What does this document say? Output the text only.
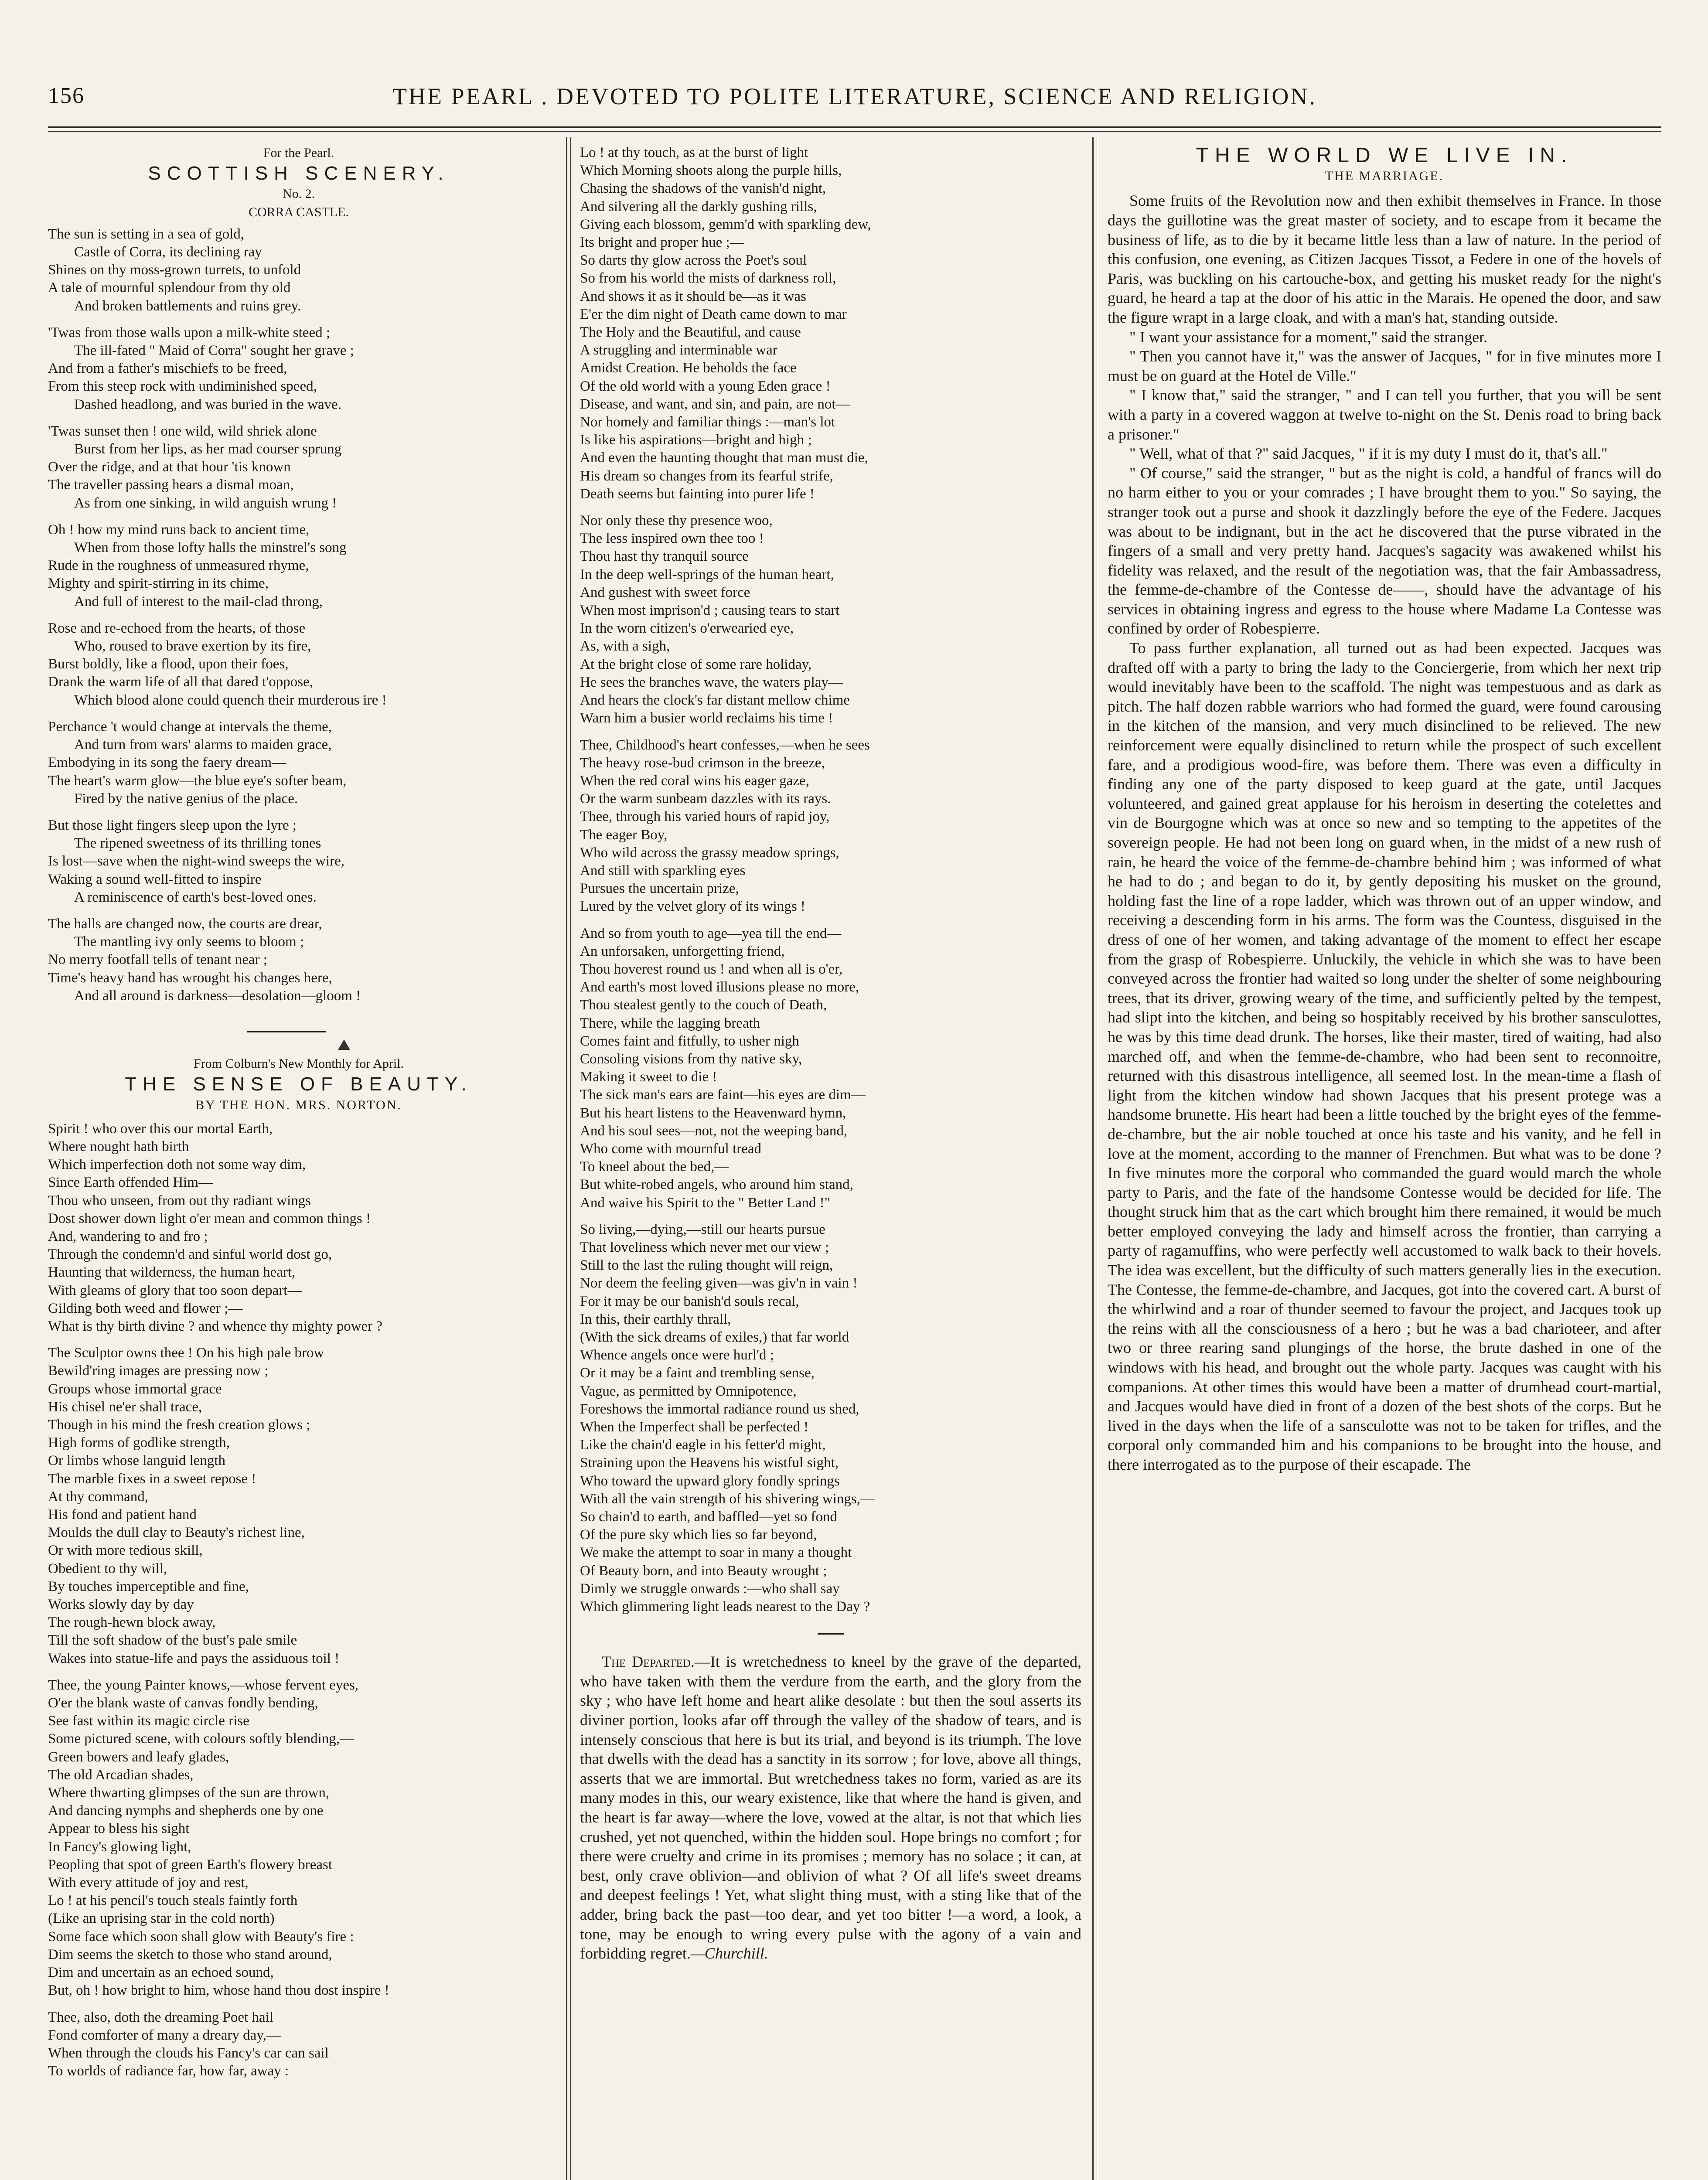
156	THE PEARL . DEVOTED TO POLITE LITERATURE, SCIENCE AND RELIGION.
For the Pearl.
SCOTTISH SCENERY.
No. 2.
CORRA CASTLE.
The sun is setting in a sea of gold,
Castle of Corra, its declining ray
Shines on thy moss-grown turrets, to unfold
A tale of mournful splendour from thy old
And broken battlements and ruins grey.
'Twas from those walls upon a milk-white steed ;
The ill-fated " Maid of Corra" sought her grave ;
And from a father's mischiefs to be freed,
From this steep rock with undiminished speed,
Dashed headlong, and was buried in the wave.
'Twas sunset then ! one wild, wild shriek alone
Burst from her lips, as her mad courser sprung
Over the ridge, and at that hour 'tis known
The traveller passing hears a dismal moan,
As from one sinking, in wild anguish wrung !
Oh ! how my mind runs back to ancient time,
When from those lofty halls the minstrel's song
Rude in the roughness of unmeasured rhyme,
Mighty and spirit-stirring in its chime,
And full of interest to the mail-clad throng,
Rose and re-echoed from the hearts, of those
Who, roused to brave exertion by its fire,
Burst boldly, like a flood, upon their foes,
Drank the warm life of all that dared t'oppose,
Which blood alone could quench their murderous ire !
Perchance 't would change at intervals the theme,
And turn from wars' alarms to maiden grace,
Embodying in its song the faery dream—
The heart's warm glow—the blue eye's softer beam,
Fired by the native genius of the place.
But those light fingers sleep upon the lyre ;
The ripened sweetness of its thrilling tones
Is lost—save when the night-wind sweeps the wire,
Waking a sound well-fitted to inspire
A reminiscence of earth's best-loved ones.
The halls are changed now, the courts are drear,
The mantling ivy only seems to bloom ;
No merry footfall tells of tenant near ;
Time's heavy hand has wrought his changes here,
And all around is darkness—desolation—gloom !

From Colburn's New Monthly for April.
THE SENSE OF BEAUTY.
BY THE HON. MRS. NORTON.
Spirit ! who over this our mortal Earth,
Where nought hath birth
Which imperfection doth not some way dim,
Since Earth offended Him—
Thou who unseen, from out thy radiant wings
Dost shower down light o'er mean and common things !
And, wandering to and fro ;
Through the condemn'd and sinful world dost go,
Haunting that wilderness, the human heart,
With gleams of glory that too soon depart—
Gilding both weed and flower ;—
What is thy birth divine ? and whence thy mighty power ?
The Sculptor owns thee ! On his high pale brow
Bewild'ring images are pressing now ;
Groups whose immortal grace
His chisel ne'er shall trace,
Though in his mind the fresh creation glows ;
High forms of godlike strength,
Or limbs whose languid length
The marble fixes in a sweet repose !
At thy command,
His fond and patient hand
Moulds the dull clay to Beauty's richest line,
Or with more tedious skill,
Obedient to thy will,
By touches imperceptible and fine,
Works slowly day by day
The rough-hewn block away,
Till the soft shadow of the bust's pale smile
Wakes into statue-life and pays the assiduous toil !
Thee, the young Painter knows,—whose fervent eyes,
O'er the blank waste of canvas fondly bending,
See fast within its magic circle rise
Some pictured scene, with colours softly blending,—
Green bowers and leafy glades,
The old Arcadian shades,
Where thwarting glimpses of the sun are thrown,
And dancing nymphs and shepherds one by one
Appear to bless his sight
In Fancy's glowing light,
Peopling that spot of green Earth's flowery breast
With every attitude of joy and rest,
Lo ! at his pencil's touch steals faintly forth
(Like an uprising star in the cold north)
Some face which soon shall glow with Beauty's fire :
Dim seems the sketch to those who stand around,
Dim and uncertain as an echoed sound,
But, oh ! how bright to him, whose hand thou dost inspire !
Thee, also, doth the dreaming Poet hail
Fond comforter of many a dreary day,—
When through the clouds his Fancy's car can sail
To worlds of radiance far, how far, away :
Lo ! at thy touch, as at the burst of light
Which Morning shoots along the purple hills,
Chasing the shadows of the vanish'd night,
And silvering all the darkly gushing rills,
Giving each blossom, gemm'd with sparkling dew,
Its bright and proper hue ;—
So darts thy glow across the Poet's soul
So from his world the mists of darkness roll,
And shows it as it should be—as it was
E'er the dim night of Death came down to mar
The Holy and the Beautiful, and cause
A struggling and interminable war
Amidst Creation. He beholds the face
Of the old world with a young Eden grace !
Disease, and want, and sin, and pain, are not—
Nor homely and familiar things :—man's lot
Is like his aspirations—bright and high ;
And even the haunting thought that man must die,
His dream so changes from its fearful strife,
Death seems but fainting into purer life !
Nor only these thy presence woo,
The less inspired own thee too !
Thou hast thy tranquil source
In the deep well-springs of the human heart,
And gushest with sweet force
When most imprison'd ; causing tears to start
In the worn citizen's o'erwearied eye,
As, with a sigh,
At the bright close of some rare holiday,
He sees the branches wave, the waters play—
And hears the clock's far distant mellow chime
Warn him a busier world reclaims his time !
Thee, Childhood's heart confesses,—when he sees
The heavy rose-bud crimson in the breeze,
When the red coral wins his eager gaze,
Or the warm sunbeam dazzles with its rays.
Thee, through his varied hours of rapid joy,
The eager Boy,
Who wild across the grassy meadow springs,
And still with sparkling eyes
Pursues the uncertain prize,
Lured by the velvet glory of its wings !
And so from youth to age—yea till the end—
An unforsaken, unforgetting friend,
Thou hoverest round us ! and when all is o'er,
And earth's most loved illusions please no more,
Thou stealest gently to the couch of Death,
There, while the lagging breath
Comes faint and fitfully, to usher nigh
Consoling visions from thy native sky,
Making it sweet to die !
The sick man's ears are faint—his eyes are dim—
But his heart listens to the Heavenward hymn,
And his soul sees—not, not the weeping band,
Who come with mournful tread
To kneel about the bed,—
But white-robed angels, who around him stand,
And waive his Spirit to the " Better Land !"
So living,—dying,—still our hearts pursue
That loveliness which never met our view ;
Still to the last the ruling thought will reign,
Nor deem the feeling given—was giv'n in vain !
For it may be our banish'd souls recal,
In this, their earthly thrall,
(With the sick dreams of exiles,) that far world
Whence angels once were hurl'd ;
Or it may be a faint and trembling sense,
Vague, as permitted by Omnipotence,
Foreshows the immortal radiance round us shed,
When the Imperfect shall be perfected !
Like the chain'd eagle in his fetter'd might,
Straining upon the Heavens his wistful sight,
Who toward the upward glory fondly springs
With all the vain strength of his shivering wings,—
So chain'd to earth, and baffled—yet so fond
Of the pure sky which lies so far beyond,
We make the attempt to soar in many a thought
Of Beauty born, and into Beauty wrought ;
Dimly we struggle onwards :—who shall say
Which glimmering light leads nearest to the Day ?

The Departed.—It is wretchedness to kneel by the grave of the departed, who have taken with them the verdure from the earth, and the glory from the sky ; who have left home and heart alike desolate : but then the soul asserts its diviner portion, looks afar off through the valley of the shadow of tears, and is intensely conscious that here is but its trial, and beyond is its triumph. The love that dwells with the dead has a sanctity in its sorrow ; for love, above all things, asserts that we are immortal. But wretchedness takes no form, varied as are its many modes in this, our weary existence, like that where the hand is given, and the heart is far away—where the love, vowed at the altar, is not that which lies crushed, yet not quenched, within the hidden soul. Hope brings no comfort ; for there were cruelty and crime in its promises ; memory has no solace ; it can, at best, only crave oblivion—and oblivion of what ? Of all life's sweet dreams and deepest feelings ! Yet, what slight thing must, with a sting like that of the adder, bring back the past—too dear, and yet too bitter !—a word, a look, a tone, may be enough to wring every pulse with the agony of a vain and forbidding regret.—Churchill.

THE WORLD WE LIVE IN.
THE MARRIAGE.

Some fruits of the Revolution now and then exhibit themselves in France. In those days the guillotine was the great master of society, and to escape from it became the business of life, as to die by it became little less than a law of nature. In the period of this confusion, one evening, as Citizen Jacques Tissot, a Federe in one of the hovels of Paris, was buckling on his cartouche-box, and getting his musket ready for the night's guard, he heard a tap at the door of his attic in the Marais. He opened the door, and saw the figure wrapt in a large cloak, and with a man's hat, standing outside.

" I want your assistance for a moment," said the stranger.

" Then you cannot have it," was the answer of Jacques, " for in five minutes more I must be on guard at the Hotel de Ville."

" I know that," said the stranger, " and I can tell you further, that you will be sent with a party in a covered waggon at twelve to-night on the St. Denis road to bring back a prisoner."

" Well, what of that ?" said Jacques, " if it is my duty I must do it, that's all."

" Of course," said the stranger, " but as the night is cold, a handful of francs will do no harm either to you or your comrades ; I have brought them to you." So saying, the stranger took out a purse and shook it dazzlingly before the eye of the Federe. Jacques was about to be indignant, but in the act he discovered that the purse vibrated in the fingers of a small and very pretty hand. Jacques's sagacity was awakened whilst his fidelity was relaxed, and the result of the negotiation was, that the fair Ambassadress, the femme-de-chambre of the Contesse de——, should have the advantage of his services in obtaining ingress and egress to the house where Madame La Contesse was confined by order of Robespierre.

To pass further explanation, all turned out as had been expected. Jacques was drafted off with a party to bring the lady to the Conciergerie, from which her next trip would inevitably have been to the scaffold. The night was tempestuous and as dark as pitch. The half dozen rabble warriors who had formed the guard, were found carousing in the kitchen of the mansion, and very much disinclined to be relieved. The new reinforcement were equally disinclined to return while the prospect of such excellent fare, and a prodigious wood-fire, was before them. There was even a difficulty in finding any one of the party disposed to keep guard at the gate, until Jacques volunteered, and gained great applause for his heroism in deserting the cotelettes and vin de Bourgogne which was at once so new and so tempting to the appetites of the sovereign people. He had not been long on guard when, in the midst of a new rush of rain, he heard the voice of the femme-de-chambre behind him ; was informed of what he had to do ; and began to do it, by gently depositing his musket on the ground, holding fast the line of a rope ladder, which was thrown out of an upper window, and receiving a descending form in his arms. The form was the Countess, disguised in the dress of one of her women, and taking advantage of the moment to effect her escape from the grasp of Robespierre. Unluckily, the vehicle in which she was to have been conveyed across the frontier had waited so long under the shelter of some neighbouring trees, that its driver, growing weary of the time, and sufficiently pelted by the tempest, had slipt into the kitchen, and being so hospitably received by his brother sansculottes, he was by this time dead drunk. The horses, like their master, tired of waiting, had also marched off, and when the femme-de-chambre, who had been sent to reconnoitre, returned with this disastrous intelligence, all seemed lost. In the mean-time a flash of light from the kitchen window had shown Jacques that his present protege was a handsome brunette. His heart had been a little touched by the bright eyes of the femme-de-chambre, but the air noble touched at once his taste and his vanity, and he fell in love at the moment, according to the manner of Frenchmen. But what was to be done ? In five minutes more the corporal who commanded the guard would march the whole party to Paris, and the fate of the handsome Contesse would be decided for life. The thought struck him that as the cart which brought him there remained, it would be much better employed conveying the lady and himself across the frontier, than carrying a party of ragamuffins, who were perfectly well accustomed to walk back to their hovels. The idea was excellent, but the difficulty of such matters generally lies in the execution. The Contesse, the femme-de-chambre, and Jacques, got into the covered cart. A burst of the whirlwind and a roar of thunder seemed to favour the project, and Jacques took up the reins with all the consciousness of a hero ; but he was a bad charioteer, and after two or three rearing sand plungings of the horse, the brute dashed in one of the windows with his head, and brought out the whole party. Jacques was caught with his companions. At other times this would have been a matter of drumhead court-martial, and Jacques would have died in front of a dozen of the best shots of the corps. But he lived in the days when the life of a sansculotte was not to be taken for trifles, and the corporal only commanded him and his companions to be brought into the house, and there interrogated as to the purpose of their escapade. The
